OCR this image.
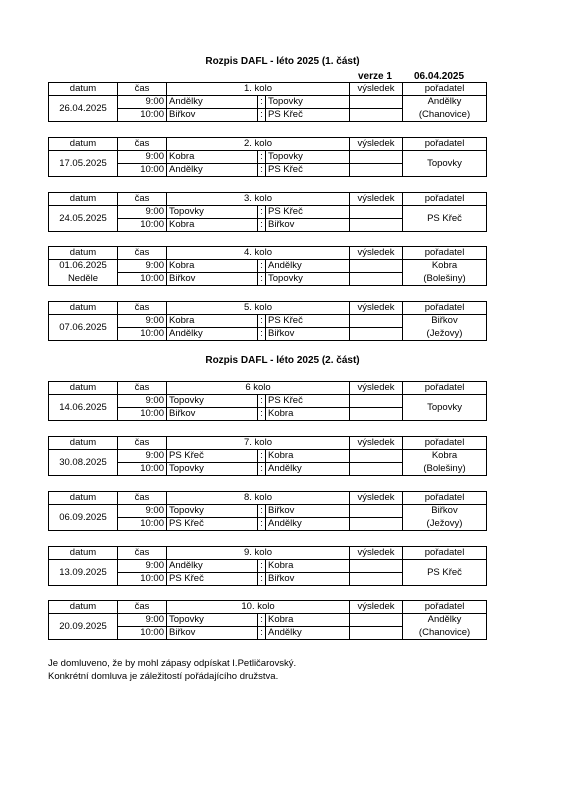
Rozpis DAFL - léto 2025 (1. část)
verze 1 06.04.2025
Rozpis DAFL - léto 2025 (2. část)
datum	čas	1. kolo			výsledek	pořadatel
26.04.2025	9:00	Andělky	:	Topovky		Andělky
	10:00	Biřkov	:	PS Křeč		(Chanovice)
datum	čas	2. kolo			výsledek	pořadatel
17.05.2025	9:00	Kobra	:	Topovky		Topovky
	10:00	Andělky	:	PS Křeč		
datum	čas	3. kolo			výsledek	pořadatel
24.05.2025	9:00	Topovky	:	PS Křeč		PS Křeč
	10:00	Kobra	:	Biřkov		
datum	čas	4. kolo			výsledek	pořadatel
01.06.2025	9:00	Kobra	:	Andělky		Kobra
Neděle	10:00	Biřkov	:	Topovky		(Bolešiny)
datum	čas	5. kolo			výsledek	pořadatel
07.06.2025	9:00	Kobra	:	PS Křeč		Biřkov
	10:00	Andělky	:	Biřkov		(Ježovy)
datum	čas	6 kolo			výsledek	pořadatel
14.06.2025	9:00	Topovky	:	PS Křeč		Topovky
	10:00	Biřkov	:	Kobra		
datum	čas	7. kolo			výsledek	pořadatel
30.08.2025	9:00	PS Křeč	:	Kobra		Kobra
	10:00	Topovky	:	Andělky		(Bolešiny)
datum	čas	8. kolo			výsledek	pořadatel
06.09.2025	9:00	Topovky	:	Biřkov		Biřkov
	10:00	PS Křeč	:	Andělky		(Ježovy)
datum	čas	9. kolo			výsledek	pořadatel
13.09.2025	9:00	Andělky	:	Kobra		PS Křeč
	10:00	PS Křeč	:	Biřkov		
datum	čas	10. kolo			výsledek	pořadatel
20.09.2025	9:00	Topovky	:	Kobra		Andělky
	10:00	Biřkov	:	Andělky		(Chanovice)
Je domluveno, že by mohl zápasy odpískat I.Petličarovský.
Konkrétní domluva je záležitostí pořádajícího družstva.
